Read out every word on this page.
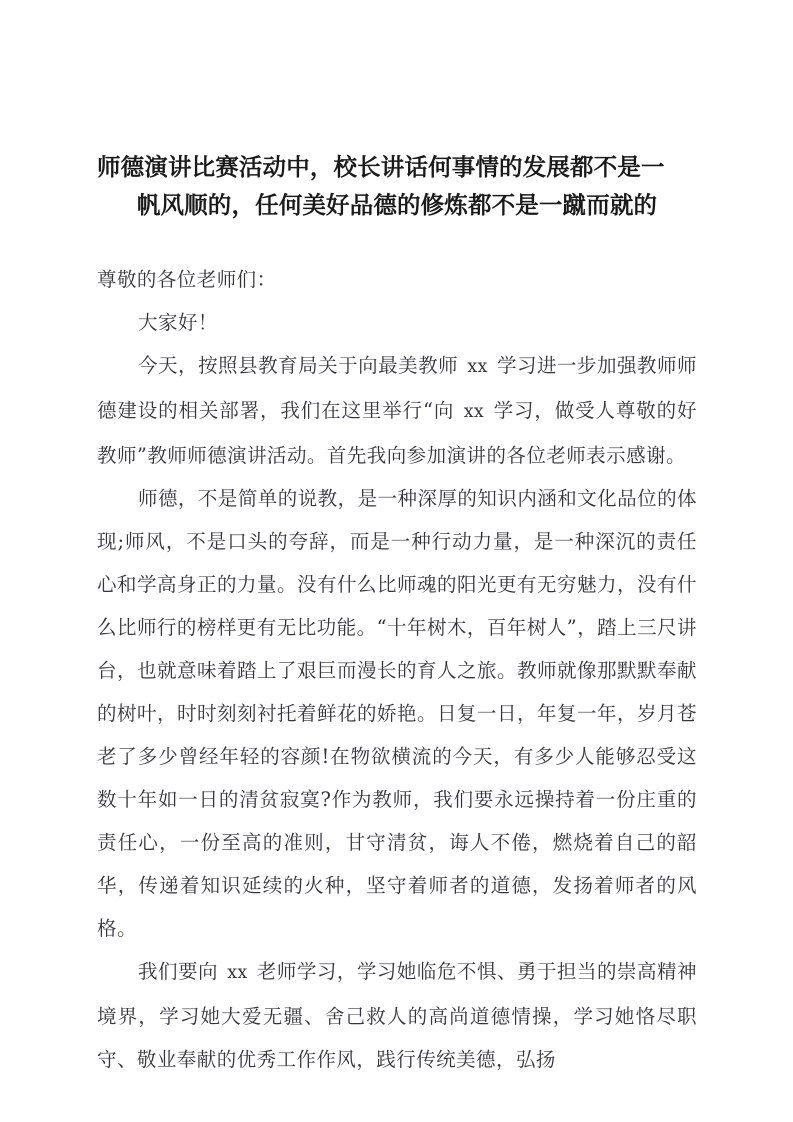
师德演讲比赛活动中，校长讲话何事情的发展都不是一
帆风顺的，任何美好品德的修炼都不是一蹴而就的

尊敬的各位老师们：

大家好！

今天，按照县教育局关于向最美教师 xx 学习进一步加强教师师德建设的相关部署，我们在这里举行“向 xx 学习，做受人尊敬的好教师”教师师德演讲活动。首先我向参加演讲的各位老师表示感谢。

师德，不是简单的说教，是一种深厚的知识内涵和文化品位的体现;师风，不是口头的夸辞，而是一种行动力量，是一种深沉的责任心和学高身正的力量。没有什么比师魂的阳光更有无穷魅力，没有什么比师行的榜样更有无比功能。“十年树木，百年树人”，踏上三尺讲台，也就意味着踏上了艰巨而漫长的育人之旅。教师就像那默默奉献的树叶，时时刻刻衬托着鲜花的娇艳。日复一日，年复一年，岁月苍老了多少曾经年轻的容颜!在物欲横流的今天，有多少人能够忍受这数十年如一日的清贫寂寞?作为教师，我们要永远操持着一份庄重的责任心，一份至高的准则，甘守清贫，诲人不倦，燃烧着自己的韶华，传递着知识延续的火种，坚守着师者的道德，发扬着师者的风格。

我们要向 xx 老师学习，学习她临危不惧、勇于担当的崇高精神境界，学习她大爱无疆、舍己救人的高尚道德情操，学习她恪尽职守、敬业奉献的优秀工作作风，践行传统美德，弘扬
